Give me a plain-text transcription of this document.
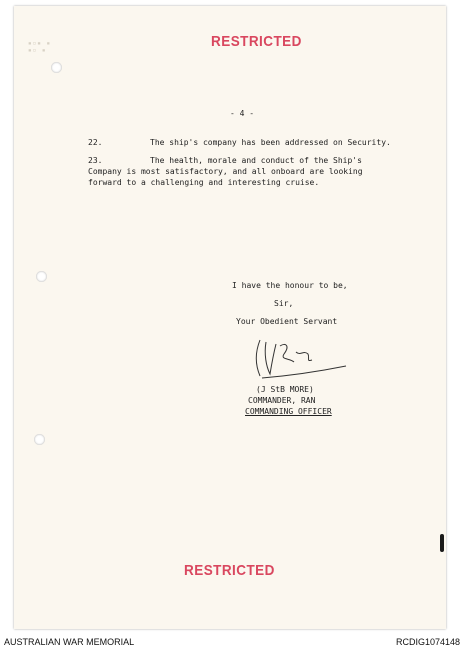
▪▫▪ ▪
▪▫ ▪
RESTRICTED
- 4 -
22.	The ship's company has been addressed on Security.
23.	The health, morale and conduct of the Ship's
Company is most satisfactory, and all onboard are looking
forward to a challenging and interesting cruise.
I have the honour to be,
Sir,
Your Obedient Servant
(J StB MORE)
COMMANDER, RAN
COMMANDING OFFICER
RESTRICTED
AUSTRALIAN WAR MEMORIAL	RCDIG1074148
